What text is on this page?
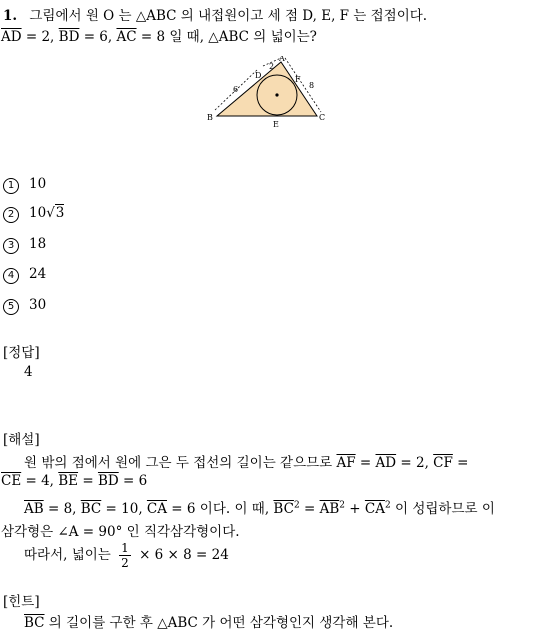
1. 그림에서 원 O 는 △ABC 의 내접원이고 세 점 D, E, F 는 접점이다.
$\overline{AD} = 2$, $\overline{BD} = 6$, $\overline{AC} = 8$ 일 때, △ABC 의 넓이는?
A
B	C
D
E
F
2
6	8
1 10
2 10√3
3 18
4 24
5 30
[정답]
4
[해설]
원 밖의 점에서 원에 그은 두 접선의 길이는 같으므로 $\overline{AF} = \overline{AD} = 2$, $\overline{CF}$ =
$\overline{CE} = 4$, $\overline{BE} = \overline{BD} = 6$
$\overline{AB} = 8$, $\overline{BC} = 10$, $\overline{CA} = 6$ 이다. 이 때, $\overline{BC}^2 = \overline{AB}^2 + \overline{CA}^2$ 이 성립하므로 이
삼각형은 ∠A = 90° 인 직각삼각형이다.
따라서, 넓이는 $\frac{1}{2} \times 6 \times 8 = 24$
[힌트]
$\overline{BC}$ 의 길이를 구한 후 △ABC 가 어떤 삼각형인지 생각해 본다.
